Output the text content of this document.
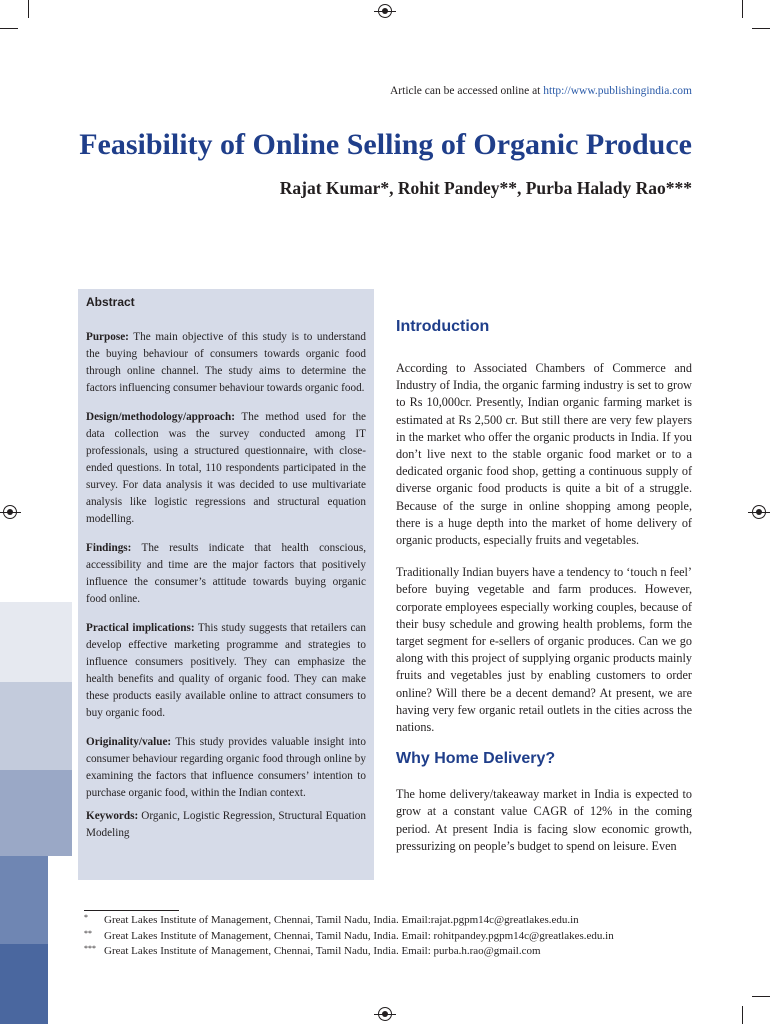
Article can be accessed online at http://www.publishingindia.com
Feasibility of Online Selling of Organic Produce
Rajat Kumar*, Rohit Pandey**, Purba Halady Rao***
Abstract

Purpose: The main objective of this study is to understand the buying behaviour of consumers towards organic food through online channel. The study aims to determine the factors influencing consumer behaviour towards organic food.

Design/methodology/approach: The method used for the data collection was the survey conducted among IT professionals, using a structured questionnaire, with close-ended questions. In total, 110 respondents participated in the survey. For data analysis it was decided to use multivariate analysis like logistic regressions and structural equation modelling.

Findings: The results indicate that health conscious, accessibility and time are the major factors that positively influence the consumer’s attitude towards buying organic food online.

Practical implications: This study suggests that retailers can develop effective marketing programme and strategies to influence consumers positively. They can emphasize the health benefits and quality of organic food. They can make these products easily available online to attract consumers to buy organic food.

Originality/value: This study provides valuable insight into consumer behaviour regarding organic food through online by examining the factors that influence consumers’ intention to purchase organic food, within the Indian context.

Keywords: Organic, Logistic Regression, Structural Equation Modeling

Introduction

According to Associated Chambers of Commerce and Industry of India, the organic farming industry is set to grow to Rs 10,000cr. Presently, Indian organic farming market is estimated at Rs 2,500 cr. But still there are very few players in the market who offer the organic products in India. If you don’t live next to the stable organic food market or to a dedicated organic food shop, getting a continuous supply of diverse organic food products is quite a bit of a struggle. Because of the surge in online shopping among people, there is a huge depth into the market of home delivery of organic products, especially fruits and vegetables.

Traditionally Indian buyers have a tendency to ‘touch n feel’ before buying vegetable and farm produces. However, corporate employees especially working couples, because of their busy schedule and growing health problems, form the target segment for e-sellers of organic produces. Can we go along with this project of supplying organic products mainly fruits and vegetables just by enabling customers to order online? Will there be a decent demand? At present, we are having very few organic retail outlets in the cities across the nations.

Why Home Delivery?

The home delivery/takeaway market in India is expected to grow at a constant value CAGR of 12% in the coming period. At present India is facing slow economic growth, pressurizing on people’s budget to spend on leisure. Even

* Great Lakes Institute of Management, Chennai, Tamil Nadu, India. Email:rajat.pgpm14c@greatlakes.edu.in
** Great Lakes Institute of Management, Chennai, Tamil Nadu, India. Email: rohitpandey.pgpm14c@greatlakes.edu.in
*** Great Lakes Institute of Management, Chennai, Tamil Nadu, India. Email: purba.h.rao@gmail.com
